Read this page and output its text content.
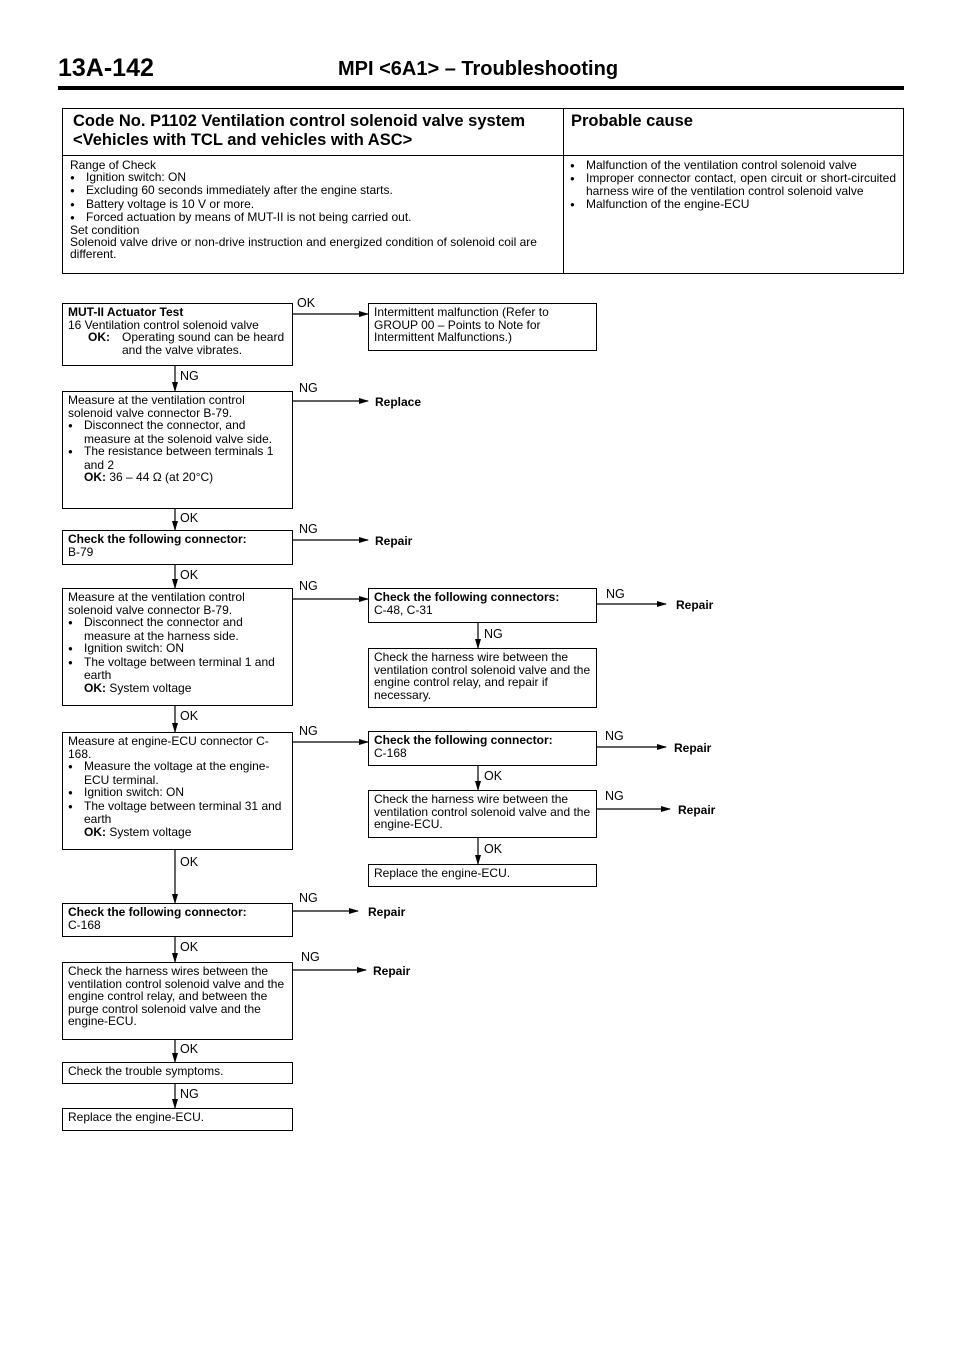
13A-142	MPI <6A1> – Troubleshooting
Code No. P1102 Ventilation control solenoid valve system
<Vehicles with TCL and vehicles with ASC>
Probable cause
Range of Check
● Ignition switch: ON
● Excluding 60 seconds immediately after the engine starts.
● Battery voltage is 10 V or more.
● Forced actuation by means of MUT-II is not being carried out.
Set condition
Solenoid valve drive or non-drive instruction and energized condition of solenoid coil are different.
● Malfunction of the ventilation control solenoid valve
● Improper connector contact, open circuit or short-circuited harness wire of the ventilation control solenoid valve
● Malfunction of the engine-ECU
MUT-II Actuator Test
16 Ventilation control solenoid valve
OK:	Operating sound can be heard and the valve vibrates.
Intermittent malfunction (Refer to GROUP 00 – Points to Note for Intermittent Malfunctions.)
Measure at the ventilation control solenoid valve connector B-79.
● Disconnect the connector, and measure at the solenoid valve side.
● The resistance between terminals 1 and 2
OK: 36 – 44 Ω (at 20°C)
Check the following connector:
B-79
Measure at the ventilation control solenoid valve connector B-79.
● Disconnect the connector and measure at the harness side.
● Ignition switch: ON
● The voltage between terminal 1 and earth
OK: System voltage
Check the following connectors:
C-48, C-31
Check the harness wire between the ventilation control solenoid valve and the engine control relay, and repair if necessary.
Measure at engine-ECU connector C-168.
● Measure the voltage at the engine-ECU terminal.
● Ignition switch: ON
● The voltage between terminal 31 and earth
OK: System voltage
Check the following connector:
C-168
Check the harness wire between the ventilation control solenoid valve and the engine-ECU.
Replace the engine-ECU.
Check the following connector:
C-168
Check the harness wires between the ventilation control solenoid valve and the engine control relay, and between the purge control solenoid valve and the engine-ECU.
Check the trouble symptoms.
Replace the engine-ECU.
OK
NG
NG
OK
NG
OK
NG
NG
NG
OK
NG	NG
OK
NG
OK
OK
NG
OK
NG
OK
NG
Replace
Repair
Repair
Repair
Repair
Repair
Repair
